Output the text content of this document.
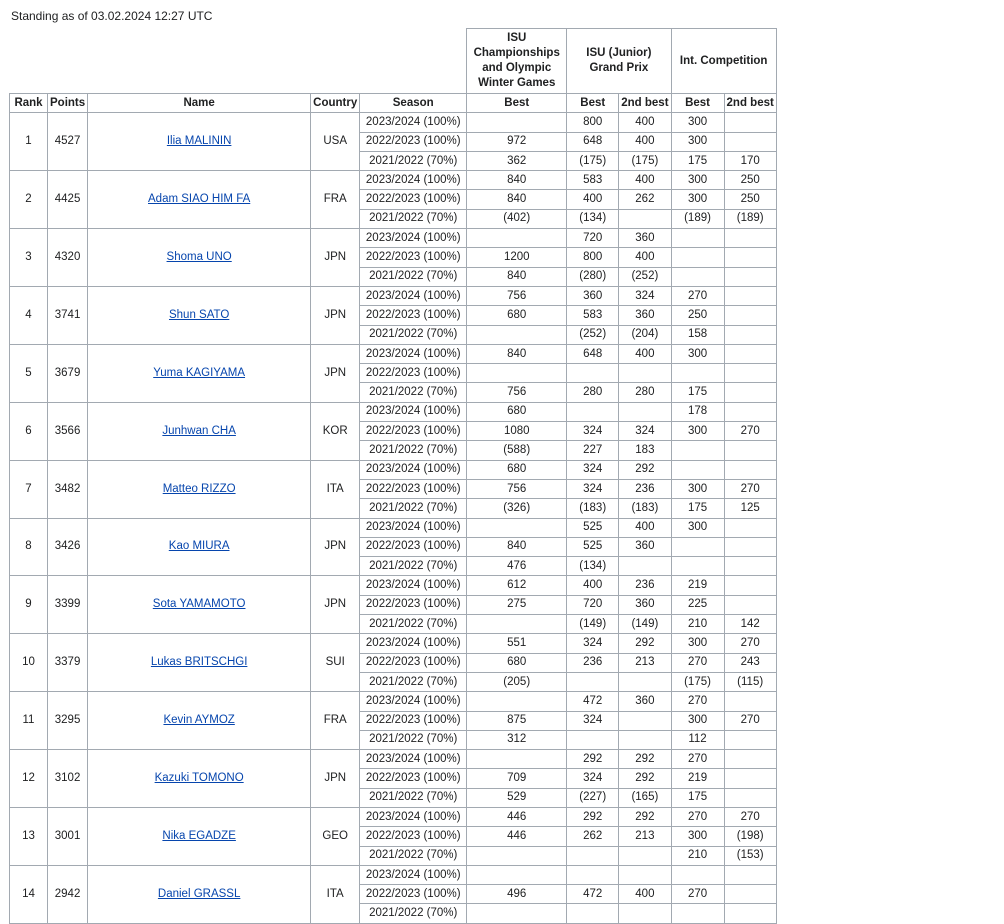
Standing as of 03.02.2024 12:27 UTC
					ISU Championships and Olympic Winter Games	ISU (Junior) Grand Prix		Int. Competition	
Rank	Points	Name	Country	Season	Best	Best	2nd best	Best	2nd best
1	4527	Ilia MALININ	USA	2023/2024 (100%)		800	400	300	
				2022/2023 (100%)	972	648	400	300	
				2021/2022 (70%)	362	(175)	(175)	175	170
2	4425	Adam SIAO HIM FA	FRA	2023/2024 (100%)	840	583	400	300	250
				2022/2023 (100%)	840	400	262	300	250
				2021/2022 (70%)	(402)	(134)		(189)	(189)
3	4320	Shoma UNO	JPN	2023/2024 (100%)		720	360		
				2022/2023 (100%)	1200	800	400		
				2021/2022 (70%)	840	(280)	(252)		
4	3741	Shun SATO	JPN	2023/2024 (100%)	756	360	324	270	
				2022/2023 (100%)	680	583	360	250	
				2021/2022 (70%)		(252)	(204)	158	
5	3679	Yuma KAGIYAMA	JPN	2023/2024 (100%)	840	648	400	300	
				2022/2023 (100%)					
				2021/2022 (70%)	756	280	280	175	
6	3566	Junhwan CHA	KOR	2023/2024 (100%)	680			178	
				2022/2023 (100%)	1080	324	324	300	270
				2021/2022 (70%)	(588)	227	183		
7	3482	Matteo RIZZO	ITA	2023/2024 (100%)	680	324	292		
				2022/2023 (100%)	756	324	236	300	270
				2021/2022 (70%)	(326)	(183)	(183)	175	125
8	3426	Kao MIURA	JPN	2023/2024 (100%)		525	400	300	
				2022/2023 (100%)	840	525	360		
				2021/2022 (70%)	476	(134)			
9	3399	Sota YAMAMOTO	JPN	2023/2024 (100%)	612	400	236	219	
				2022/2023 (100%)	275	720	360	225	
				2021/2022 (70%)		(149)	(149)	210	142
10	3379	Lukas BRITSCHGI	SUI	2023/2024 (100%)	551	324	292	300	270
				2022/2023 (100%)	680	236	213	270	243
				2021/2022 (70%)	(205)			(175)	(115)
11	3295	Kevin AYMOZ	FRA	2023/2024 (100%)		472	360	270	
				2022/2023 (100%)	875	324		300	270
				2021/2022 (70%)	312			112	
12	3102	Kazuki TOMONO	JPN	2023/2024 (100%)		292	292	270	
				2022/2023 (100%)	709	324	292	219	
				2021/2022 (70%)	529	(227)	(165)	175	
13	3001	Nika EGADZE	GEO	2023/2024 (100%)	446	292	292	270	270
				2022/2023 (100%)	446	262	213	300	(198)
				2021/2022 (70%)				210	(153)
14	2942	Daniel GRASSL	ITA	2023/2024 (100%)					
				2022/2023 (100%)	496	472	400	270	
				2021/2022 (70%)					
